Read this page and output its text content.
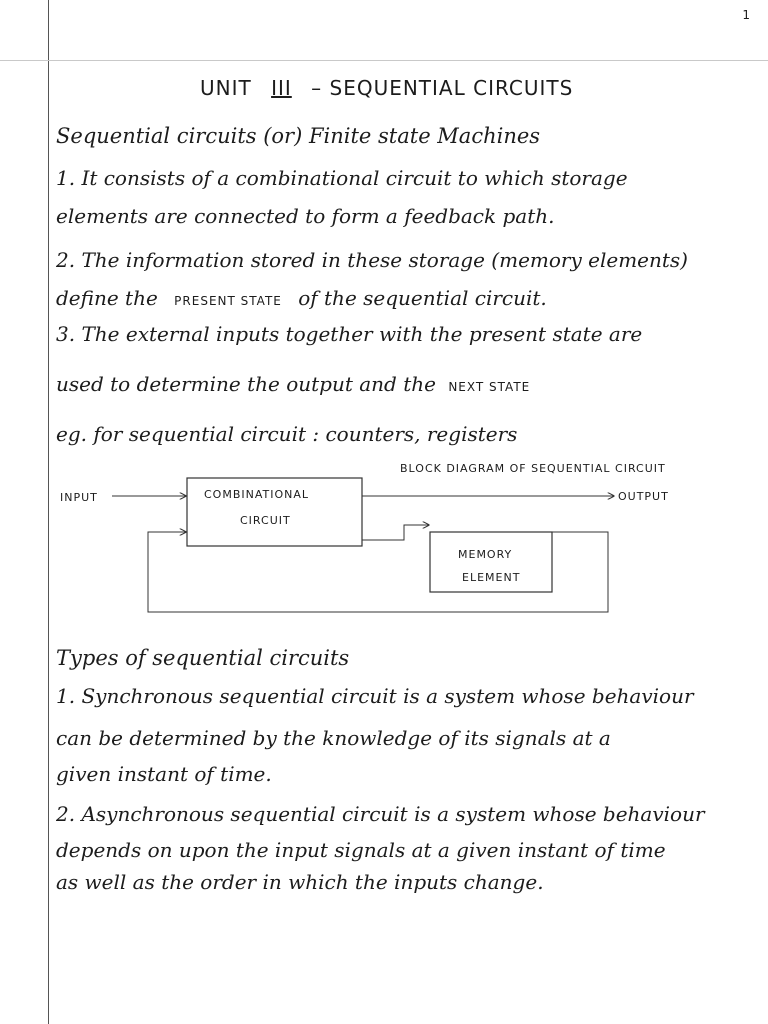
1
UNIT III – SEQUENTIAL CIRCUITS
Sequential circuits (or) Finite state Machines
1. It consists of a combinational circuit to which storage
elements are connected to form a feedback path.
2. The information stored in these storage (memory elements)
define the PRESENT STATE of the sequential circuit.
3. The external inputs together with the present state are
used to determine the output and the NEXT STATE
eg. for sequential circuit : counters, registers
BLOCK DIAGRAM OF SEQUENTIAL CIRCUIT
INPUT	OUTPUT
COMBINATIONAL
CIRCUIT
MEMORY
ELEMENT
Types of sequential circuits
1. Synchronous sequential circuit is a system whose behaviour
can be determined by the knowledge of its signals at a
given instant of time.
2. Asynchronous sequential circuit is a system whose behaviour
depends on upon the input signals at a given instant of time
as well as the order in which the inputs change.
